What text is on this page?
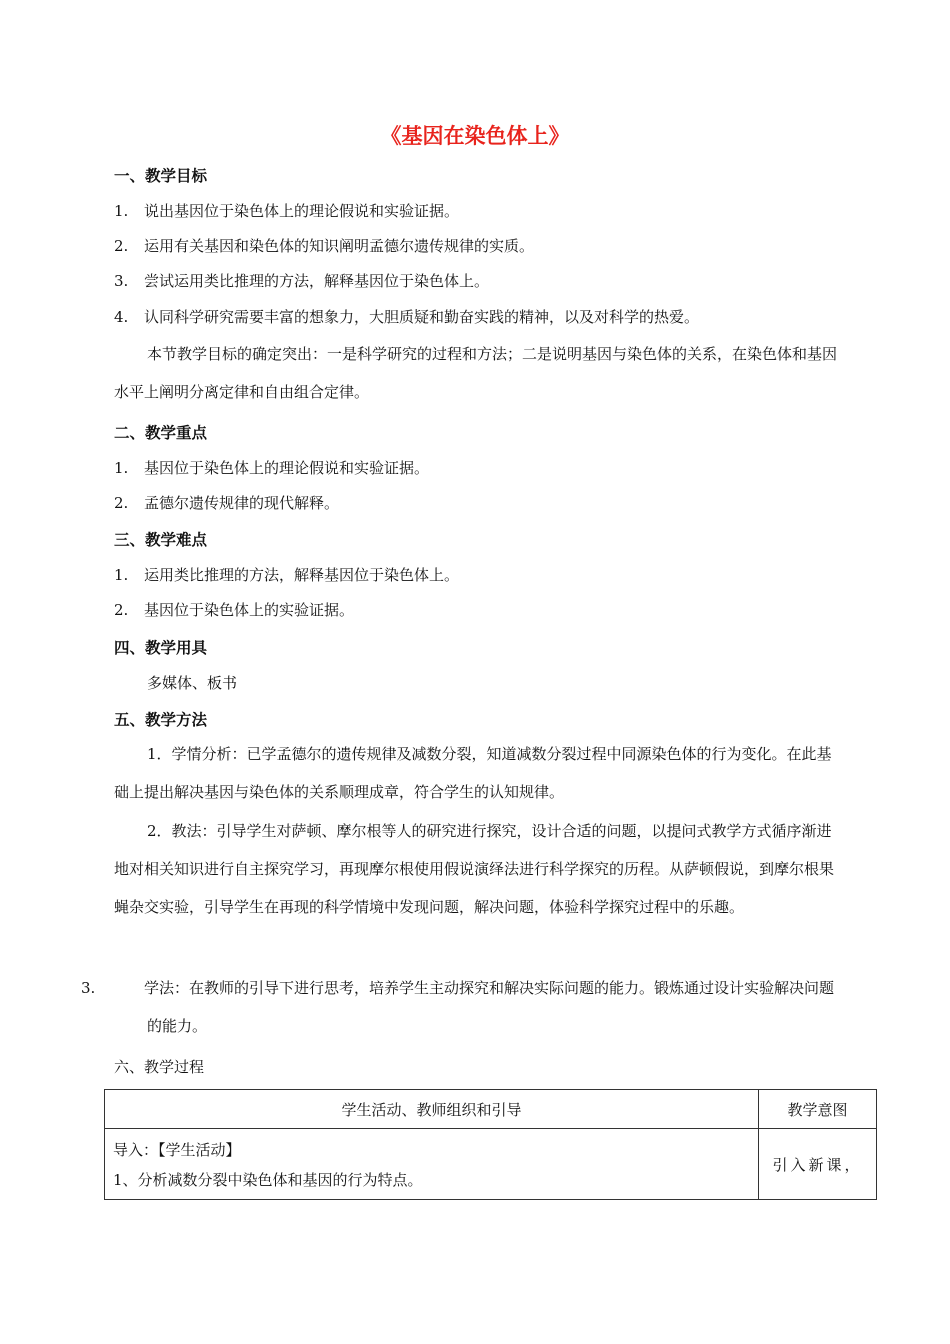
《基因在染色体上》
一、教学目标
1. 说出基因位于染色体上的理论假说和实验证据。
2. 运用有关基因和染色体的知识阐明孟德尔遗传规律的实质。
3. 尝试运用类比推理的方法，解释基因位于染色体上。
4. 认同科学研究需要丰富的想象力，大胆质疑和勤奋实践的精神，以及对科学的热爱。
本节教学目标的确定突出：一是科学研究的过程和方法；二是说明基因与染色体的关系，在染色体和基因水平上阐明分离定律和自由组合定律。
二、教学重点
1. 基因位于染色体上的理论假说和实验证据。
2. 孟德尔遗传规律的现代解释。
三、教学难点
1. 运用类比推理的方法，解释基因位于染色体上。
2. 基因位于染色体上的实验证据。
四、教学用具
多媒体、板书
五、教学方法
1．学情分析：已学孟德尔的遗传规律及减数分裂，知道减数分裂过程中同源染色体的行为变化。在此基础上提出解决基因与染色体的关系顺理成章，符合学生的认知规律。
2．教法：引导学生对萨顿、摩尔根等人的研究进行探究，设计合适的问题，以提问式教学方式循序渐进地对相关知识进行自主探究学习，再现摩尔根使用假说演绎法进行科学探究的历程。从萨顿假说，到摩尔根果蝇杂交实验，引导学生在再现的科学情境中发现问题，解决问题，体验科学探究过程中的乐趣。
3.	学法：在教师的引导下进行思考，培养学生主动探究和解决实际问题的能力。锻炼通过设计实验解决问题的能力。
六、教学过程
学生活动、教师组织和引导	教学意图

导入：【学生活动】
1、分析减数分裂中染色体和基因的行为特点。	引入新课，
